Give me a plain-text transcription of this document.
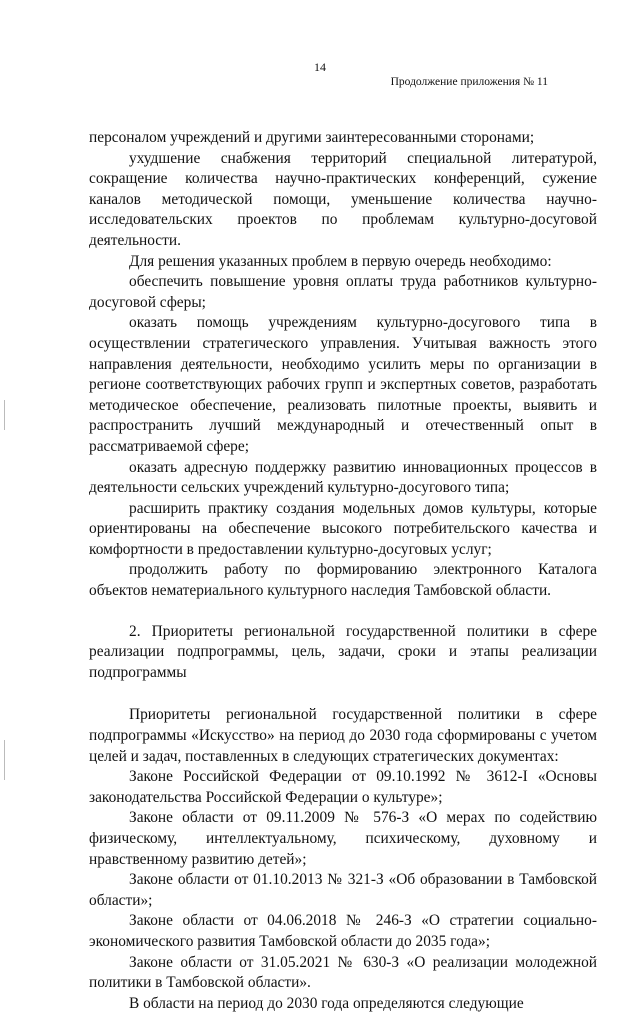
14
Продолжение приложения № 11

персоналом учреждений и другими заинтересованными сторонами;

ухудшение снабжения территорий специальной литературой, сокращение количества научно-практических конференций, сужение каналов методической помощи, уменьшение количества научно-исследовательских проектов по проблемам культурно-досуговой деятельности.

Для решения указанных проблем в первую очередь необходимо:

обеспечить повышение уровня оплаты труда работников культурно-досуговой сферы;

оказать помощь учреждениям культурно-досугового типа в осуществлении стратегического управления. Учитывая важность этого направления деятельности, необходимо усилить меры по организации в регионе соответствующих рабочих групп и экспертных советов, разработать методическое обеспечение, реализовать пилотные проекты, выявить и распространить лучший международный и отечественный опыт в рассматриваемой сфере;

оказать адресную поддержку развитию инновационных процессов в деятельности сельских учреждений культурно-досугового типа;

расширить практику создания модельных домов культуры, которые ориентированы на обеспечение высокого потребительского качества и комфортности в предоставлении культурно-досуговых услуг;

продолжить работу по формированию электронного Каталога объектов нематериального культурного наследия Тамбовской области.

2. Приоритеты региональной государственной политики в сфере реализации подпрограммы, цель, задачи, сроки и этапы реализации подпрограммы

Приоритеты региональной государственной политики в сфере подпрограммы «Искусство» на период до 2030 года сформированы с учетом целей и задач, поставленных в следующих стратегических документах:

Законе Российской Федерации от 09.10.1992 № 3612-I «Основы законодательства Российской Федерации о культуре»;

Законе области от 09.11.2009 № 576-З «О мерах по содействию физическому, интеллектуальному, психическому, духовному и нравственному развитию детей»;

Законе области от 01.10.2013 № 321-З «Об образовании в Тамбовской области»;

Законе области от 04.06.2018 № 246-З «О стратегии социально-экономического развития Тамбовской области до 2035 года»;

Законе области от 31.05.2021 № 630-З «О реализации молодежной политики в Тамбовской области».

В области на период до 2030 года определяются следующие
